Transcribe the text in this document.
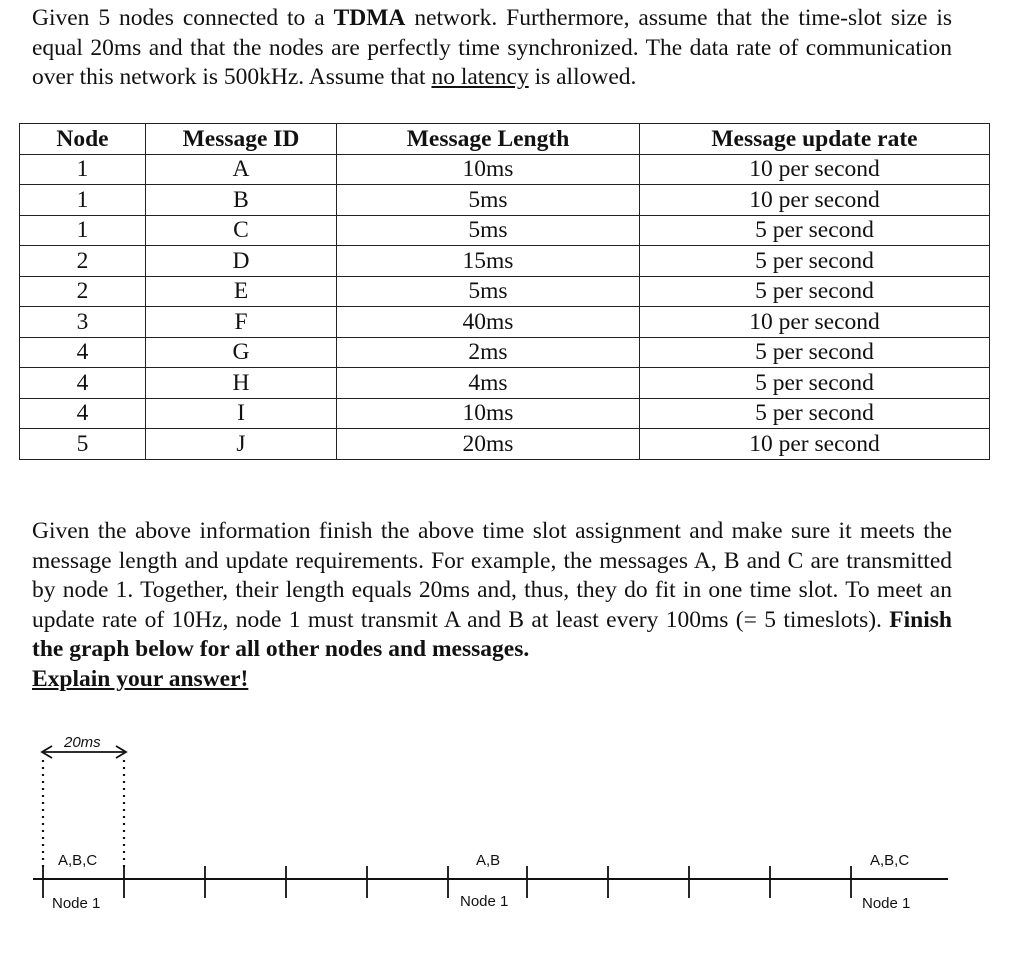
Given 5 nodes connected to a TDMA network. Furthermore, assume that the time-slot size is equal 20ms and that the nodes are perfectly time synchronized. The data rate of communication over this network is 500kHz. Assume that no latency is allowed.

Node	Message ID	Message Length	Message update rate
1	A	10ms	10 per second
1	B	5ms	10 per second
1	C	5ms	5 per second
2	D	15ms	5 per second
2	E	5ms	5 per second
3	F	40ms	10 per second
4	G	2ms	5 per second
4	H	4ms	5 per second
4	I	10ms	5 per second
5	J	20ms	10 per second

Given the above information finish the above time slot assignment and make sure it meets the message length and update requirements. For example, the messages A, B and C are transmitted by node 1. Together, their length equals 20ms and, thus, they do fit in one time slot. To meet an update rate of 10Hz, node 1 must transmit A and B at least every 100ms (= 5 timeslots). Finish the graph below for all other nodes and messages.
Explain your answer!

20ms
A,B,C
Node 1
A,B
Node 1
A,B,C
Node 1
